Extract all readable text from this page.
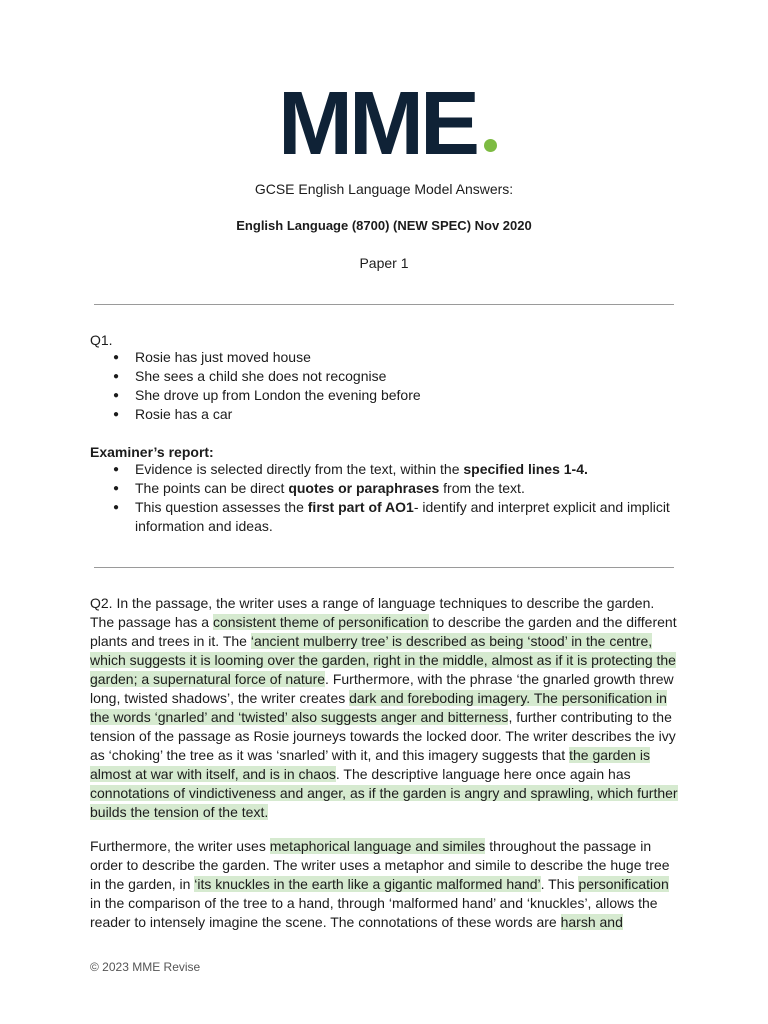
MME
GCSE English Language Model Answers:
English Language (8700) (NEW SPEC) Nov 2020
Paper 1
Q1.
● Rosie has just moved house
● She sees a child she does not recognise
● She drove up from London the evening before
● Rosie has a car
Examiner’s report:
● Evidence is selected directly from the text, within the specified lines 1-4.
● The points can be direct quotes or paraphrases from the text.
● This question assesses the first part of AO1- identify and interpret explicit and implicit information and ideas.
Q2. In the passage, the writer uses a range of language techniques to describe the garden. The passage has a consistent theme of personification to describe the garden and the different plants and trees in it. The ‘ancient mulberry tree’ is described as being ‘stood’ in the centre, which suggests it is looming over the garden, right in the middle, almost as if it is protecting the garden; a supernatural force of nature. Furthermore, with the phrase ‘the gnarled growth threw long, twisted shadows’, the writer creates dark and foreboding imagery. The personification in the words ‘gnarled’ and ‘twisted’ also suggests anger and bitterness, further contributing to the tension of the passage as Rosie journeys towards the locked door. The writer describes the ivy as ‘choking’ the tree as it was ‘snarled’ with it, and this imagery suggests that the garden is almost at war with itself, and is in chaos. The descriptive language here once again has connotations of vindictiveness and anger, as if the garden is angry and sprawling, which further builds the tension of the text.
Furthermore, the writer uses metaphorical language and similes throughout the passage in order to describe the garden. The writer uses a metaphor and simile to describe the huge tree in the garden, in ‘its knuckles in the earth like a gigantic malformed hand’. This personification in the comparison of the tree to a hand, through ‘malformed hand’ and ‘knuckles’, allows the reader to intensely imagine the scene. The connotations of these words are harsh and
© 2023 MME Revise
